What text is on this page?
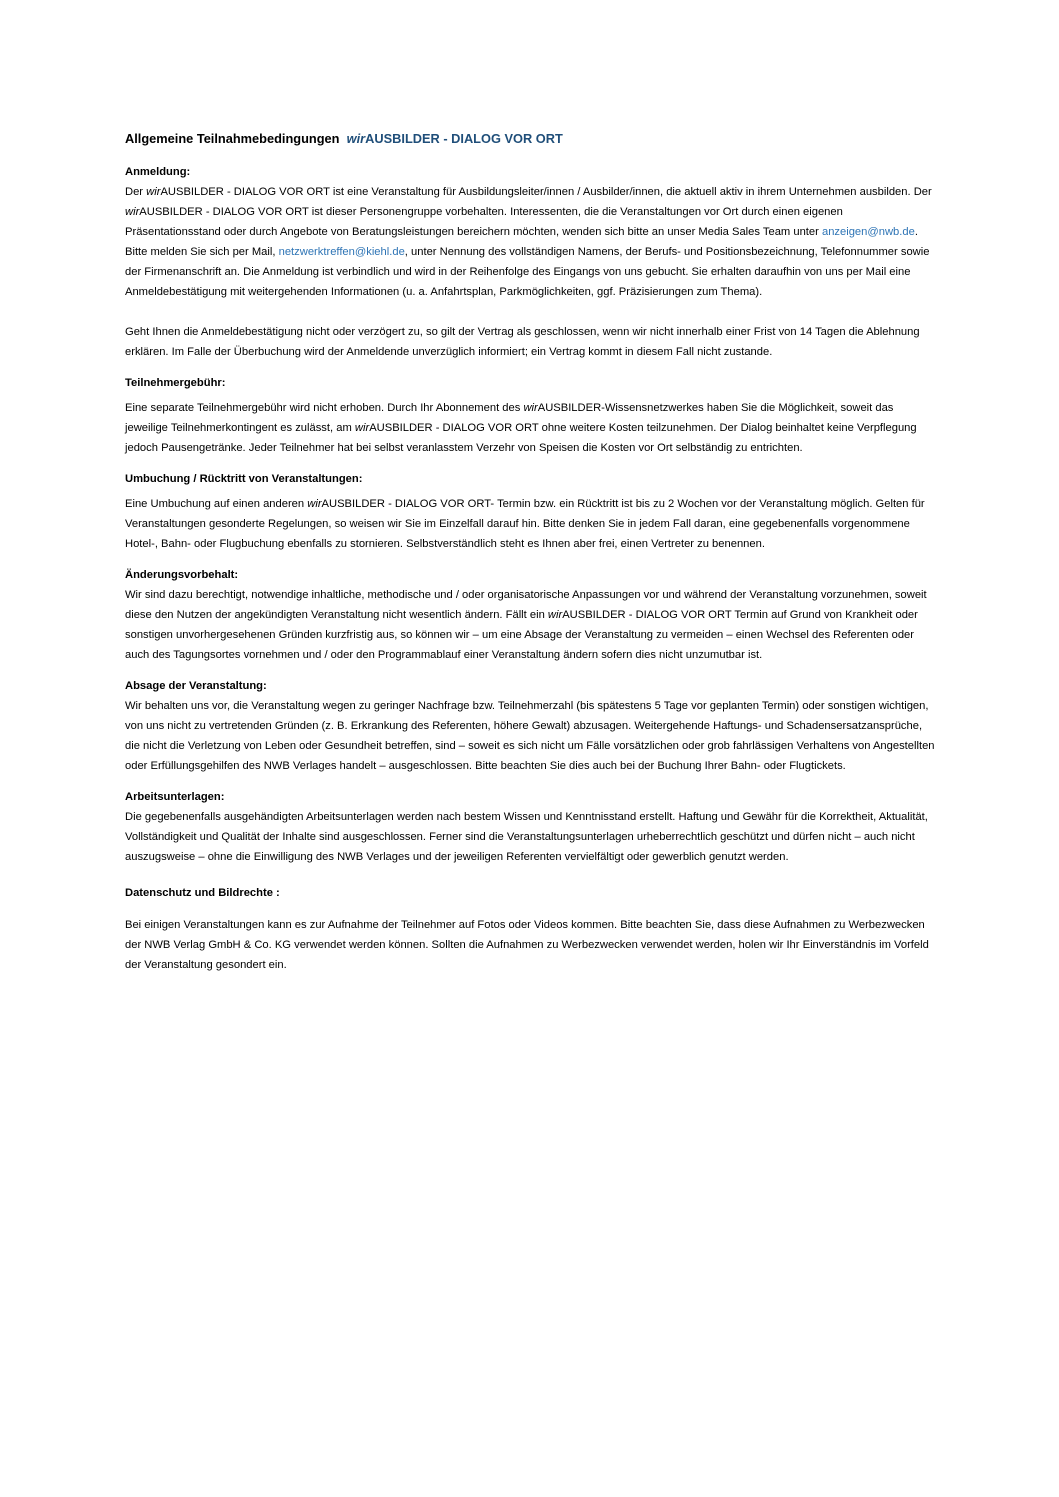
Allgemeine Teilnahmebedingungen wirAUSBILDER - DIALOG VOR ORT
Anmeldung:

Der wirAUSBILDER - DIALOG VOR ORT ist eine Veranstaltung für Ausbildungsleiter/innen / Ausbilder/innen, die aktuell aktiv in ihrem Unternehmen ausbilden. Der wirAUSBILDER - DIALOG VOR ORT ist dieser Personengruppe vorbehalten. Interessenten, die die Veranstaltungen vor Ort durch einen eigenen Präsentationsstand oder durch Angebote von Beratungsleistungen bereichern möchten, wenden sich bitte an unser Media Sales Team unter anzeigen@nwb.de.

Bitte melden Sie sich per Mail, netzwerktreffen@kiehl.de, unter Nennung des vollständigen Namens, der Berufs- und Positionsbezeichnung, Telefonnummer sowie der Firmenanschrift an. Die Anmeldung ist verbindlich und wird in der Reihenfolge des Eingangs von uns gebucht. Sie erhalten daraufhin von uns per Mail eine Anmeldebestätigung mit weitergehenden Informationen (u. a. Anfahrtsplan, Parkmöglichkeiten, ggf. Präzisierungen zum Thema).

Geht Ihnen die Anmeldebestätigung nicht oder verzögert zu, so gilt der Vertrag als geschlossen, wenn wir nicht innerhalb einer Frist von 14 Tagen die Ablehnung erklären. Im Falle der Überbuchung wird der Anmeldende unverzüglich informiert; ein Vertrag kommt in diesem Fall nicht zustande.

Teilnehmergebühr:

Eine separate Teilnehmergebühr wird nicht erhoben. Durch Ihr Abonnement des wirAUSBILDER-Wissensnetzwerkes haben Sie die Möglichkeit, soweit das jeweilige Teilnehmerkontingent es zulässt, am wirAUSBILDER - DIALOG VOR ORT ohne weitere Kosten teilzunehmen. Der Dialog beinhaltet keine Verpflegung jedoch Pausengetränke. Jeder Teilnehmer hat bei selbst veranlasstem Verzehr von Speisen die Kosten vor Ort selbständig zu entrichten.

Umbuchung / Rücktritt von Veranstaltungen:

Eine Umbuchung auf einen anderen wirAUSBILDER - DIALOG VOR ORT- Termin bzw. ein Rücktritt ist bis zu 2 Wochen vor der Veranstaltung möglich. Gelten für Veranstaltungen gesonderte Regelungen, so weisen wir Sie im Einzelfall darauf hin. Bitte denken Sie in jedem Fall daran, eine gegebenenfalls vorgenommene Hotel-, Bahn- oder Flugbuchung ebenfalls zu stornieren. Selbstverständlich steht es Ihnen aber frei, einen Vertreter zu benennen.

Änderungsvorbehalt:

Wir sind dazu berechtigt, notwendige inhaltliche, methodische und / oder organisatorische Anpassungen vor und während der Veranstaltung vorzunehmen, soweit diese den Nutzen der angekündigten Veranstaltung nicht wesentlich ändern. Fällt ein wirAUSBILDER - DIALOG VOR ORT Termin auf Grund von Krankheit oder sonstigen unvorhergesehenen Gründen kurzfristig aus, so können wir – um eine Absage der Veranstaltung zu vermeiden – einen Wechsel des Referenten oder auch des Tagungsortes vornehmen und / oder den Programmablauf einer Veranstaltung ändern sofern dies nicht unzumutbar ist.

Absage der Veranstaltung:

Wir behalten uns vor, die Veranstaltung wegen zu geringer Nachfrage bzw. Teilnehmerzahl (bis spätestens 5 Tage vor geplanten Termin) oder sonstigen wichtigen, von uns nicht zu vertretenden Gründen (z. B. Erkrankung des Referenten, höhere Gewalt) abzusagen. Weitergehende Haftungs- und Schadensersatzansprüche, die nicht die Verletzung von Leben oder Gesundheit betreffen, sind – soweit es sich nicht um Fälle vorsätzlichen oder grob fahrlässigen Verhaltens von Angestellten oder Erfüllungsgehilfen des NWB Verlages handelt – ausgeschlossen. Bitte beachten Sie dies auch bei der Buchung Ihrer Bahn- oder Flugtickets.

Arbeitsunterlagen:

Die gegebenenfalls ausgehändigten Arbeitsunterlagen werden nach bestem Wissen und Kenntnisstand erstellt. Haftung und Gewähr für die Korrektheit, Aktualität, Vollständigkeit und Qualität der Inhalte sind ausgeschlossen. Ferner sind die Veranstaltungsunterlagen urheberrechtlich geschützt und dürfen nicht – auch nicht auszugsweise – ohne die Einwilligung des NWB Verlages und der jeweiligen Referenten vervielfältigt oder gewerblich genutzt werden.

Datenschutz und Bildrechte :

Bei einigen Veranstaltungen kann es zur Aufnahme der Teilnehmer auf Fotos oder Videos kommen. Bitte beachten Sie, dass diese Aufnahmen zu Werbezwecken der NWB Verlag GmbH & Co. KG verwendet werden können. Sollten die Aufnahmen zu Werbezwecken verwendet werden, holen wir Ihr Einverständnis im Vorfeld der Veranstaltung gesondert ein.
